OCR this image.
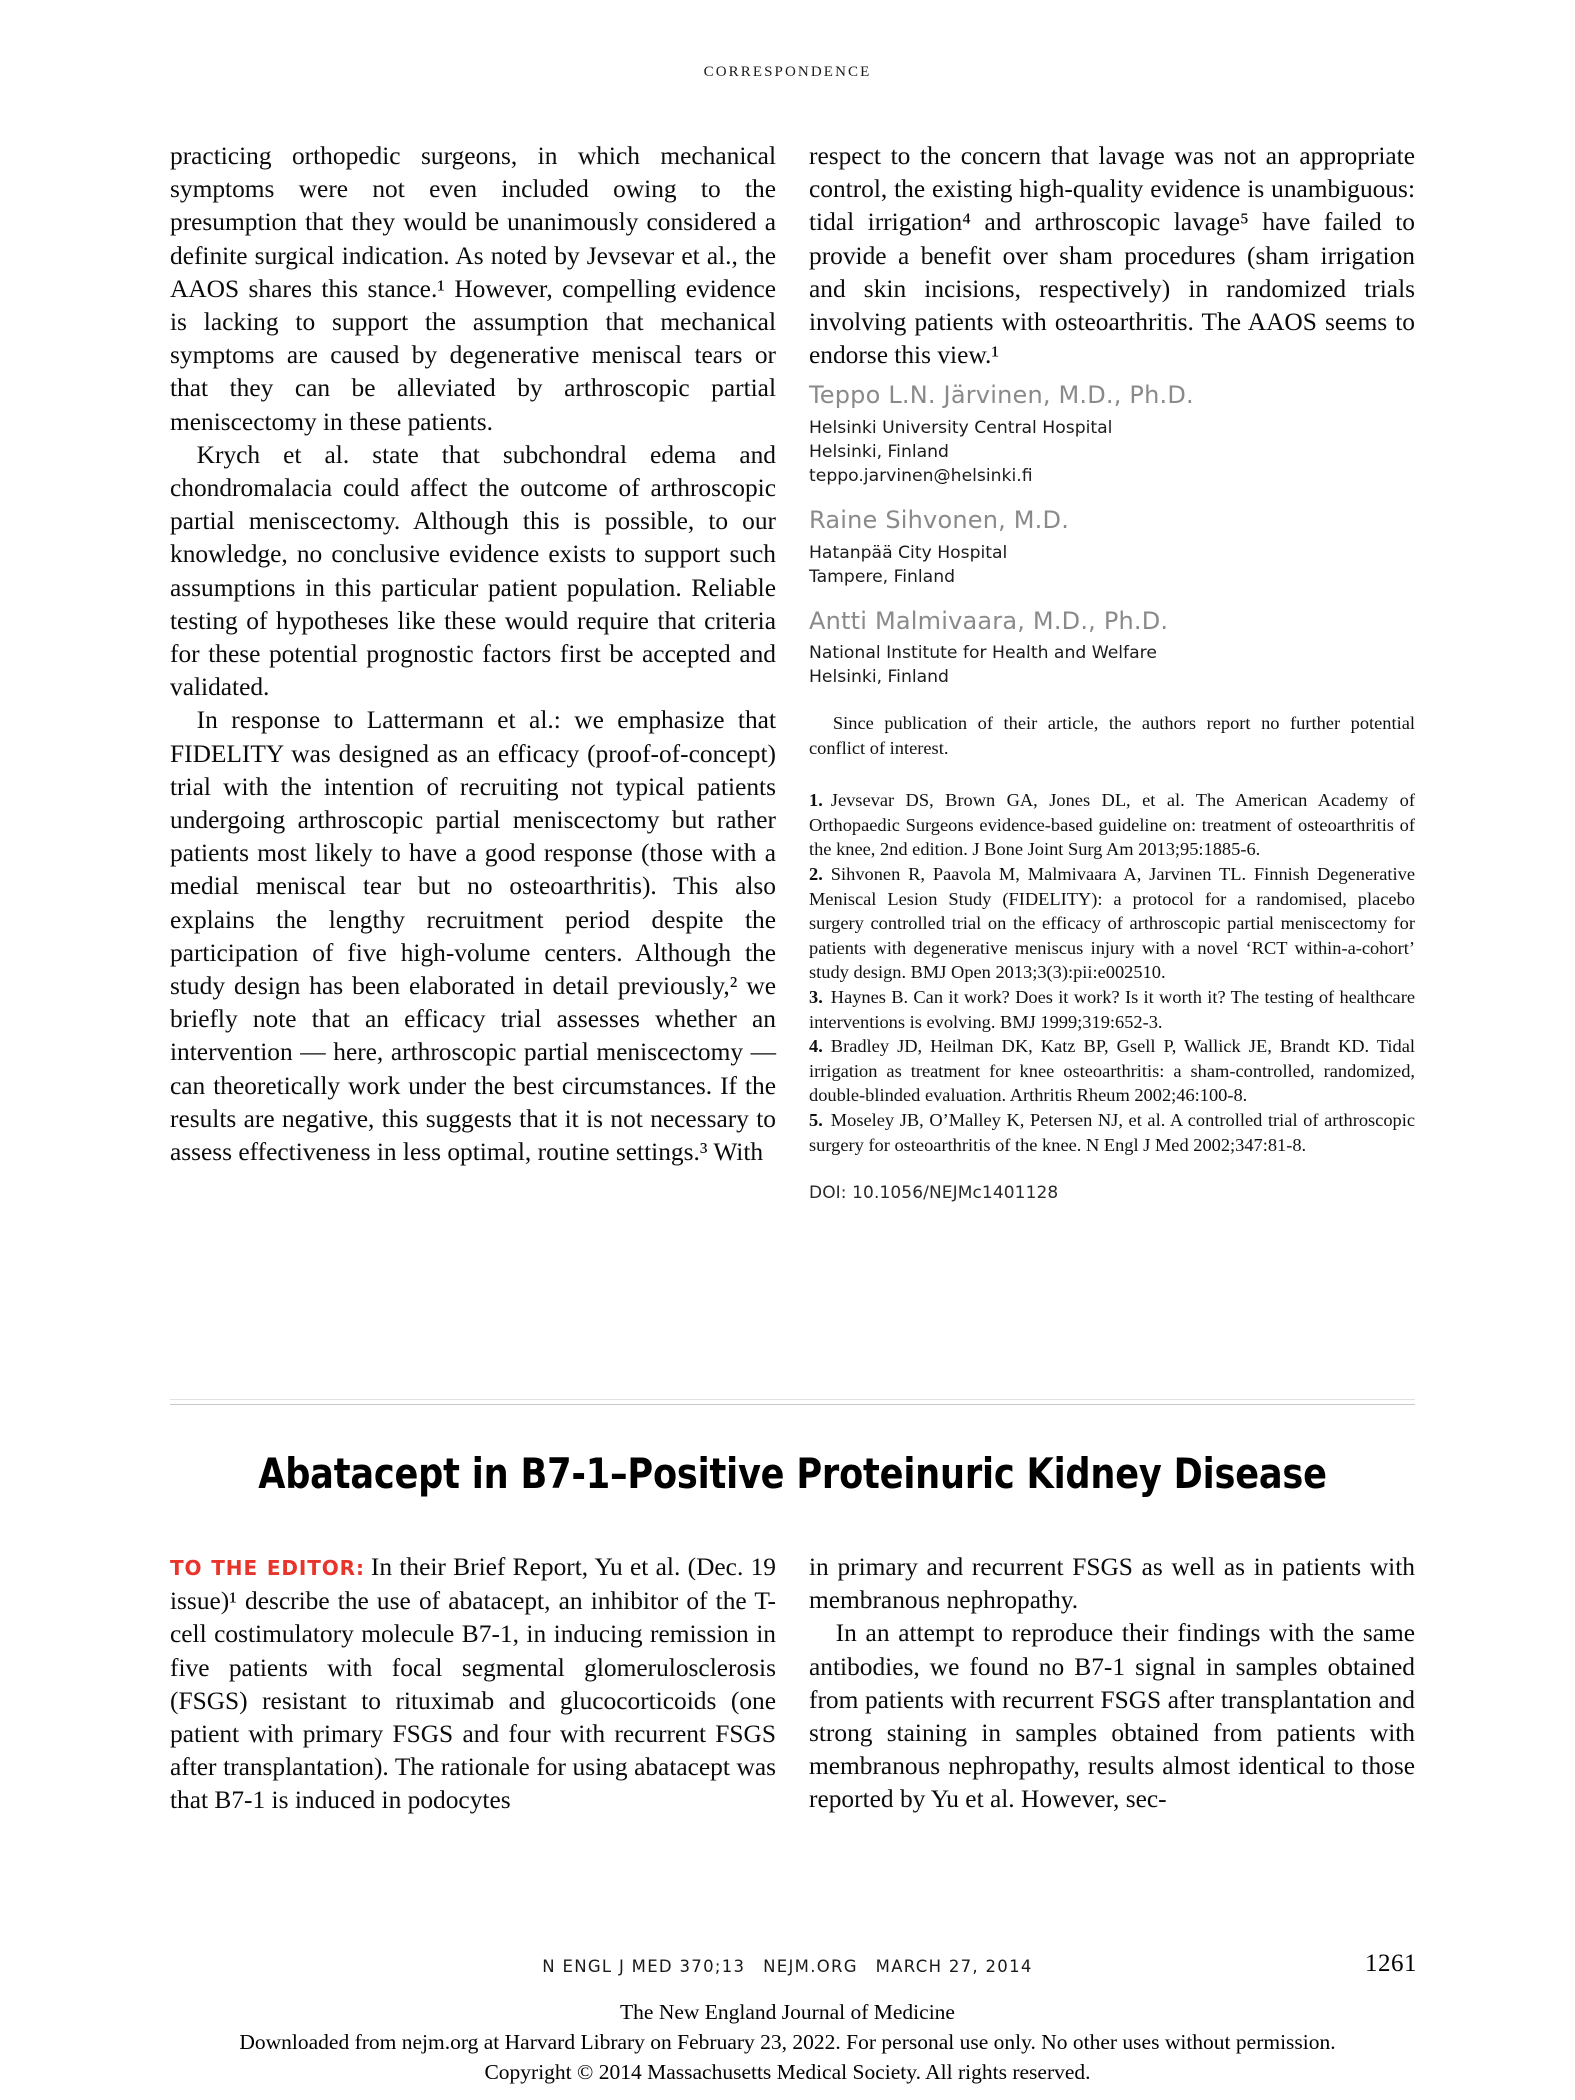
CORRESPONDENCE

practicing orthopedic surgeons, in which mechanical symptoms were not even included owing to the presumption that they would be unanimously considered a definite surgical indication. As noted by Jevsevar et al., the AAOS shares this stance.¹ However, compelling evidence is lacking to support the assumption that mechanical symptoms are caused by degenerative meniscal tears or that they can be alleviated by arthroscopic partial meniscectomy in these patients.

Krych et al. state that subchondral edema and chondromalacia could affect the outcome of arthroscopic partial meniscectomy. Although this is possible, to our knowledge, no conclusive evidence exists to support such assumptions in this particular patient population. Reliable testing of hypotheses like these would require that criteria for these potential prognostic factors first be accepted and validated.

In response to Lattermann et al.: we emphasize that FIDELITY was designed as an efficacy (proof-of-concept) trial with the intention of recruiting not typical patients undergoing arthroscopic partial meniscectomy but rather patients most likely to have a good response (those with a medial meniscal tear but no osteoarthritis). This also explains the lengthy recruitment period despite the participation of five high-volume centers. Although the study design has been elaborated in detail previously,² we briefly note that an efficacy trial assesses whether an intervention — here, arthroscopic partial meniscectomy — can theoretically work under the best circumstances. If the results are negative, this suggests that it is not necessary to assess effectiveness in less optimal, routine settings.³ With

respect to the concern that lavage was not an appropriate control, the existing high-quality evidence is unambiguous: tidal irrigation⁴ and arthroscopic lavage⁵ have failed to provide a benefit over sham procedures (sham irrigation and skin incisions, respectively) in randomized trials involving patients with osteoarthritis. The AAOS seems to endorse this view.¹

Teppo L.N. Järvinen, M.D., Ph.D.
Helsinki University Central Hospital
Helsinki, Finland
teppo.jarvinen@helsinki.fi
Raine Sihvonen, M.D.
Hatanpää City Hospital
Tampere, Finland
Antti Malmivaara, M.D., Ph.D.
National Institute for Health and Welfare
Helsinki, Finland
Since publication of their article, the authors report no further potential conflict of interest.

1. Jevsevar DS, Brown GA, Jones DL, et al. The American Academy of Orthopaedic Surgeons evidence-based guideline on: treatment of osteoarthritis of the knee, 2nd edition. J Bone Joint Surg Am 2013;95:1885-6.

2. Sihvonen R, Paavola M, Malmivaara A, Jarvinen TL. Finnish Degenerative Meniscal Lesion Study (FIDELITY): a protocol for a randomised, placebo surgery controlled trial on the efficacy of arthroscopic partial meniscectomy for patients with degenerative meniscus injury with a novel ‘RCT within-a-cohort’ study design. BMJ Open 2013;3(3):pii:e002510.

3. Haynes B. Can it work? Does it work? Is it worth it? The testing of healthcare interventions is evolving. BMJ 1999;319:652-3.

4. Bradley JD, Heilman DK, Katz BP, Gsell P, Wallick JE, Brandt KD. Tidal irrigation as treatment for knee osteoarthritis: a sham-controlled, randomized, double-blinded evaluation. Arthritis Rheum 2002;46:100-8.

5. Moseley JB, O’Malley K, Petersen NJ, et al. A controlled trial of arthroscopic surgery for osteoarthritis of the knee. N Engl J Med 2002;347:81-8.

DOI: 10.1056/NEJMc1401128
Abatacept in B7-1–Positive Proteinuric Kidney Disease

TO THE EDITOR: In their Brief Report, Yu et al. (Dec. 19 issue)¹ describe the use of abatacept, an inhibitor of the T-cell costimulatory molecule B7-1, in inducing remission in five patients with focal segmental glomerulosclerosis (FSGS) resistant to rituximab and glucocorticoids (one patient with primary FSGS and four with recurrent FSGS after transplantation). The rationale for using abatacept was that B7-1 is induced in podocytes

in primary and recurrent FSGS as well as in patients with membranous nephropathy.

In an attempt to reproduce their findings with the same antibodies, we found no B7-1 signal in samples obtained from patients with recurrent FSGS after transplantation and strong staining in samples obtained from patients with membranous nephropathy, results almost identical to those reported by Yu et al. However, sec-

N ENGL J MED 370;13 NEJM.ORG MARCH 27, 2014	1261
The New England Journal of Medicine
Downloaded from nejm.org at Harvard Library on February 23, 2022. For personal use only. No other uses without permission.
Copyright © 2014 Massachusetts Medical Society. All rights reserved.
